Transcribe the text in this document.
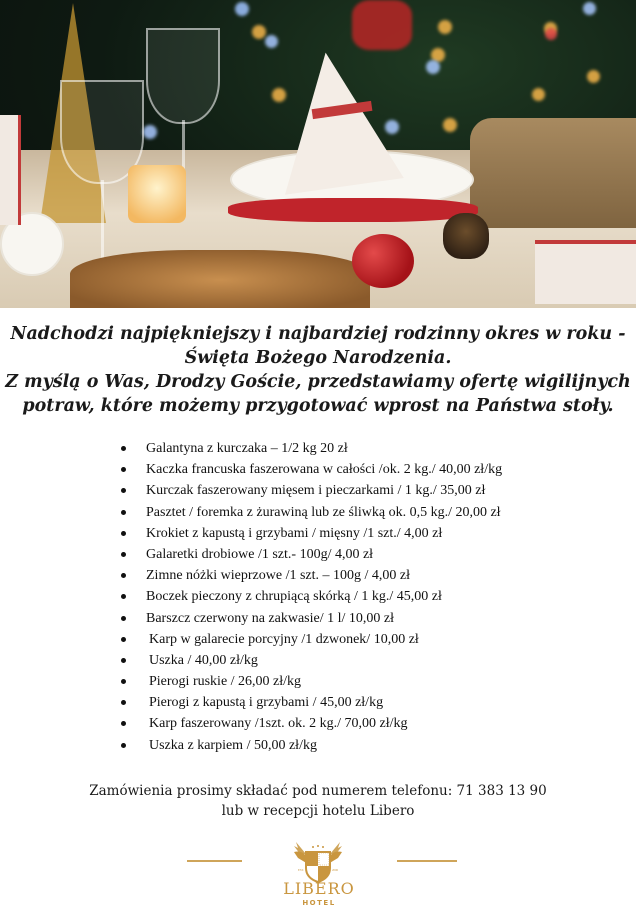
Nadchodzi najpiękniejszy i najbardziej rodzinny okres w roku -
Święta Bożego Narodzenia.
Z myślą o Was, Drodzy Goście, przedstawiamy ofertę wigilijnych
potraw, które możemy przygotować wprost na Państwa stoły.
Galantyna z kurczaka – 1/2 kg 20 zł
Kaczka francuska faszerowana w całości /ok. 2 kg./ 40,00 zł/kg
Kurczak faszerowany mięsem i pieczarkami / 1 kg./ 35,00 zł
Pasztet / foremka z żurawiną lub ze śliwką ok. 0,5 kg./ 20,00 zł
Krokiet z kapustą i grzybami / mięsny /1 szt./ 4,00 zł
Galaretki drobiowe /1 szt.- 100g/ 4,00 zł
Zimne nóżki wieprzowe /1 szt. – 100g / 4,00 zł
Boczek pieczony z chrupiącą skórką / 1 kg./ 45,00 zł
Barszcz czerwony na zakwasie/ 1 l/ 10,00 zł
Karp w galarecie porcyjny /1 dzwonek/ 10,00 zł
Uszka / 40,00 zł/kg
Pierogi ruskie / 26,00 zł/kg
Pierogi z kapustą i grzybami / 45,00 zł/kg
Karp faszerowany /1szt. ok. 2 kg./ 70,00 zł/kg
Uszka z karpiem / 50,00 zł/kg
Zamówienia prosimy składać pod numerem telefonu: 71 383 13 90
lub w recepcji hotelu Libero
EST.	2006
LIBERO
HOTEL
